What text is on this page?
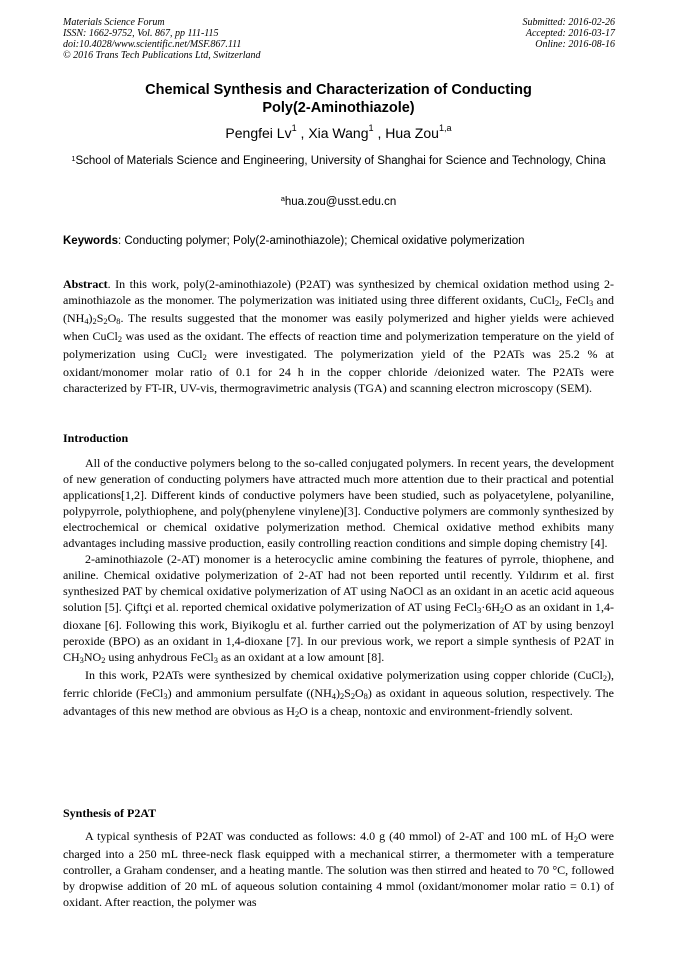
Materials Science Forum
ISSN: 1662-9752, Vol. 867, pp 111-115
doi:10.4028/www.scientific.net/MSF.867.111
© 2016 Trans Tech Publications Ltd, Switzerland
Submitted: 2016-02-26
Accepted: 2016-03-17
Online: 2016-08-16
Chemical Synthesis and Characterization of Conducting
Poly(2-Aminothiazole)
Pengfei Lv$^1$ , Xia Wang$^1$ , Hua Zou$^{1,a}$
$^1$School of Materials Science and Engineering, University of Shanghai for Science and Technology, China
$^a$hua.zou@usst.edu.cn
Keywords: Conducting polymer; Poly(2-aminothiazole); Chemical oxidative polymerization
Abstract. In this work, poly(2-aminothiazole) (P2AT) was synthesized by chemical oxidation method using 2-aminothiazole as the monomer. The polymerization was initiated using three different oxidants, CuCl$_2$, FeCl$_3$ and $(NH_4)_2S_2O_8$. The results suggested that the monomer was easily polymerized and higher yields were achieved when CuCl$_2$ was used as the oxidant. The effects of reaction time and polymerization temperature on the yield of polymerization using CuCl$_2$ were investigated. The polymerization yield of the P2ATs was 25.2 % at oxidant/monomer molar ratio of 0.1 for 24 h in the copper chloride /deionized water. The P2ATs were characterized by FT-IR, UV-vis, thermogravimetric analysis (TGA) and scanning electron microscopy (SEM).
Introduction

All of the conductive polymers belong to the so-called conjugated polymers. In recent years, the development of new generation of conducting polymers have attracted much more attention due to their practical and potential applications[1,2]. Different kinds of conductive polymers have been studied, such as polyacetylene, polyaniline, polypyrrole, polythiophene, and poly(phenylene vinylene)[3]. Conductive polymers are commonly synthesized by electrochemical or chemical oxidative polymerization method. Chemical oxidative method exhibits many advantages including massive production, easily controlling reaction conditions and simple doping chemistry [4].

2-aminothiazole (2-AT) monomer is a heterocyclic amine combining the features of pyrrole, thiophene, and aniline. Chemical oxidative polymerization of 2-AT had not been reported until recently. Yıldırım et al. first synthesized PAT by chemical oxidative polymerization of AT using NaOCl as an oxidant in an acetic acid aqueous solution [5]. Çiftçi et al. reported chemical oxidative polymerization of AT using $FeCl_3\cdot 6H_2O$ as an oxidant in 1,4-dioxane [6]. Following this work, Biyikoglu et al. further carried out the polymerization of AT by using benzoyl peroxide (BPO) as an oxidant in 1,4-dioxane [7]. In our previous work, we report a simple synthesis of P2AT in $CH_3NO_2$ using anhydrous FeCl$_3$ as an oxidant at a low amount [8].

In this work, P2ATs were synthesized by chemical oxidative polymerization using copper chloride (CuCl$_2$), ferric chloride (FeCl$_3$) and ammonium persulfate $((NH_4)_2S_2O_8)$ as oxidant in aqueous solution, respectively. The advantages of this new method are obvious as $H_2O$ is a cheap, nontoxic and environment-friendly solvent.

Synthesis of P2AT

A typical synthesis of P2AT was conducted as follows: 4.0 g (40 mmol) of 2-AT and 100 mL of $H_2O$ were charged into a 250 mL three-neck flask equipped with a mechanical stirrer, a thermometer with a temperature controller, a Graham condenser, and a heating mantle. The solution was then stirred and heated to 70 °C, followed by dropwise addition of 20 mL of aqueous solution containing 4 mmol (oxidant/monomer molar ratio = 0.1) of oxidant. After reaction, the polymer was
